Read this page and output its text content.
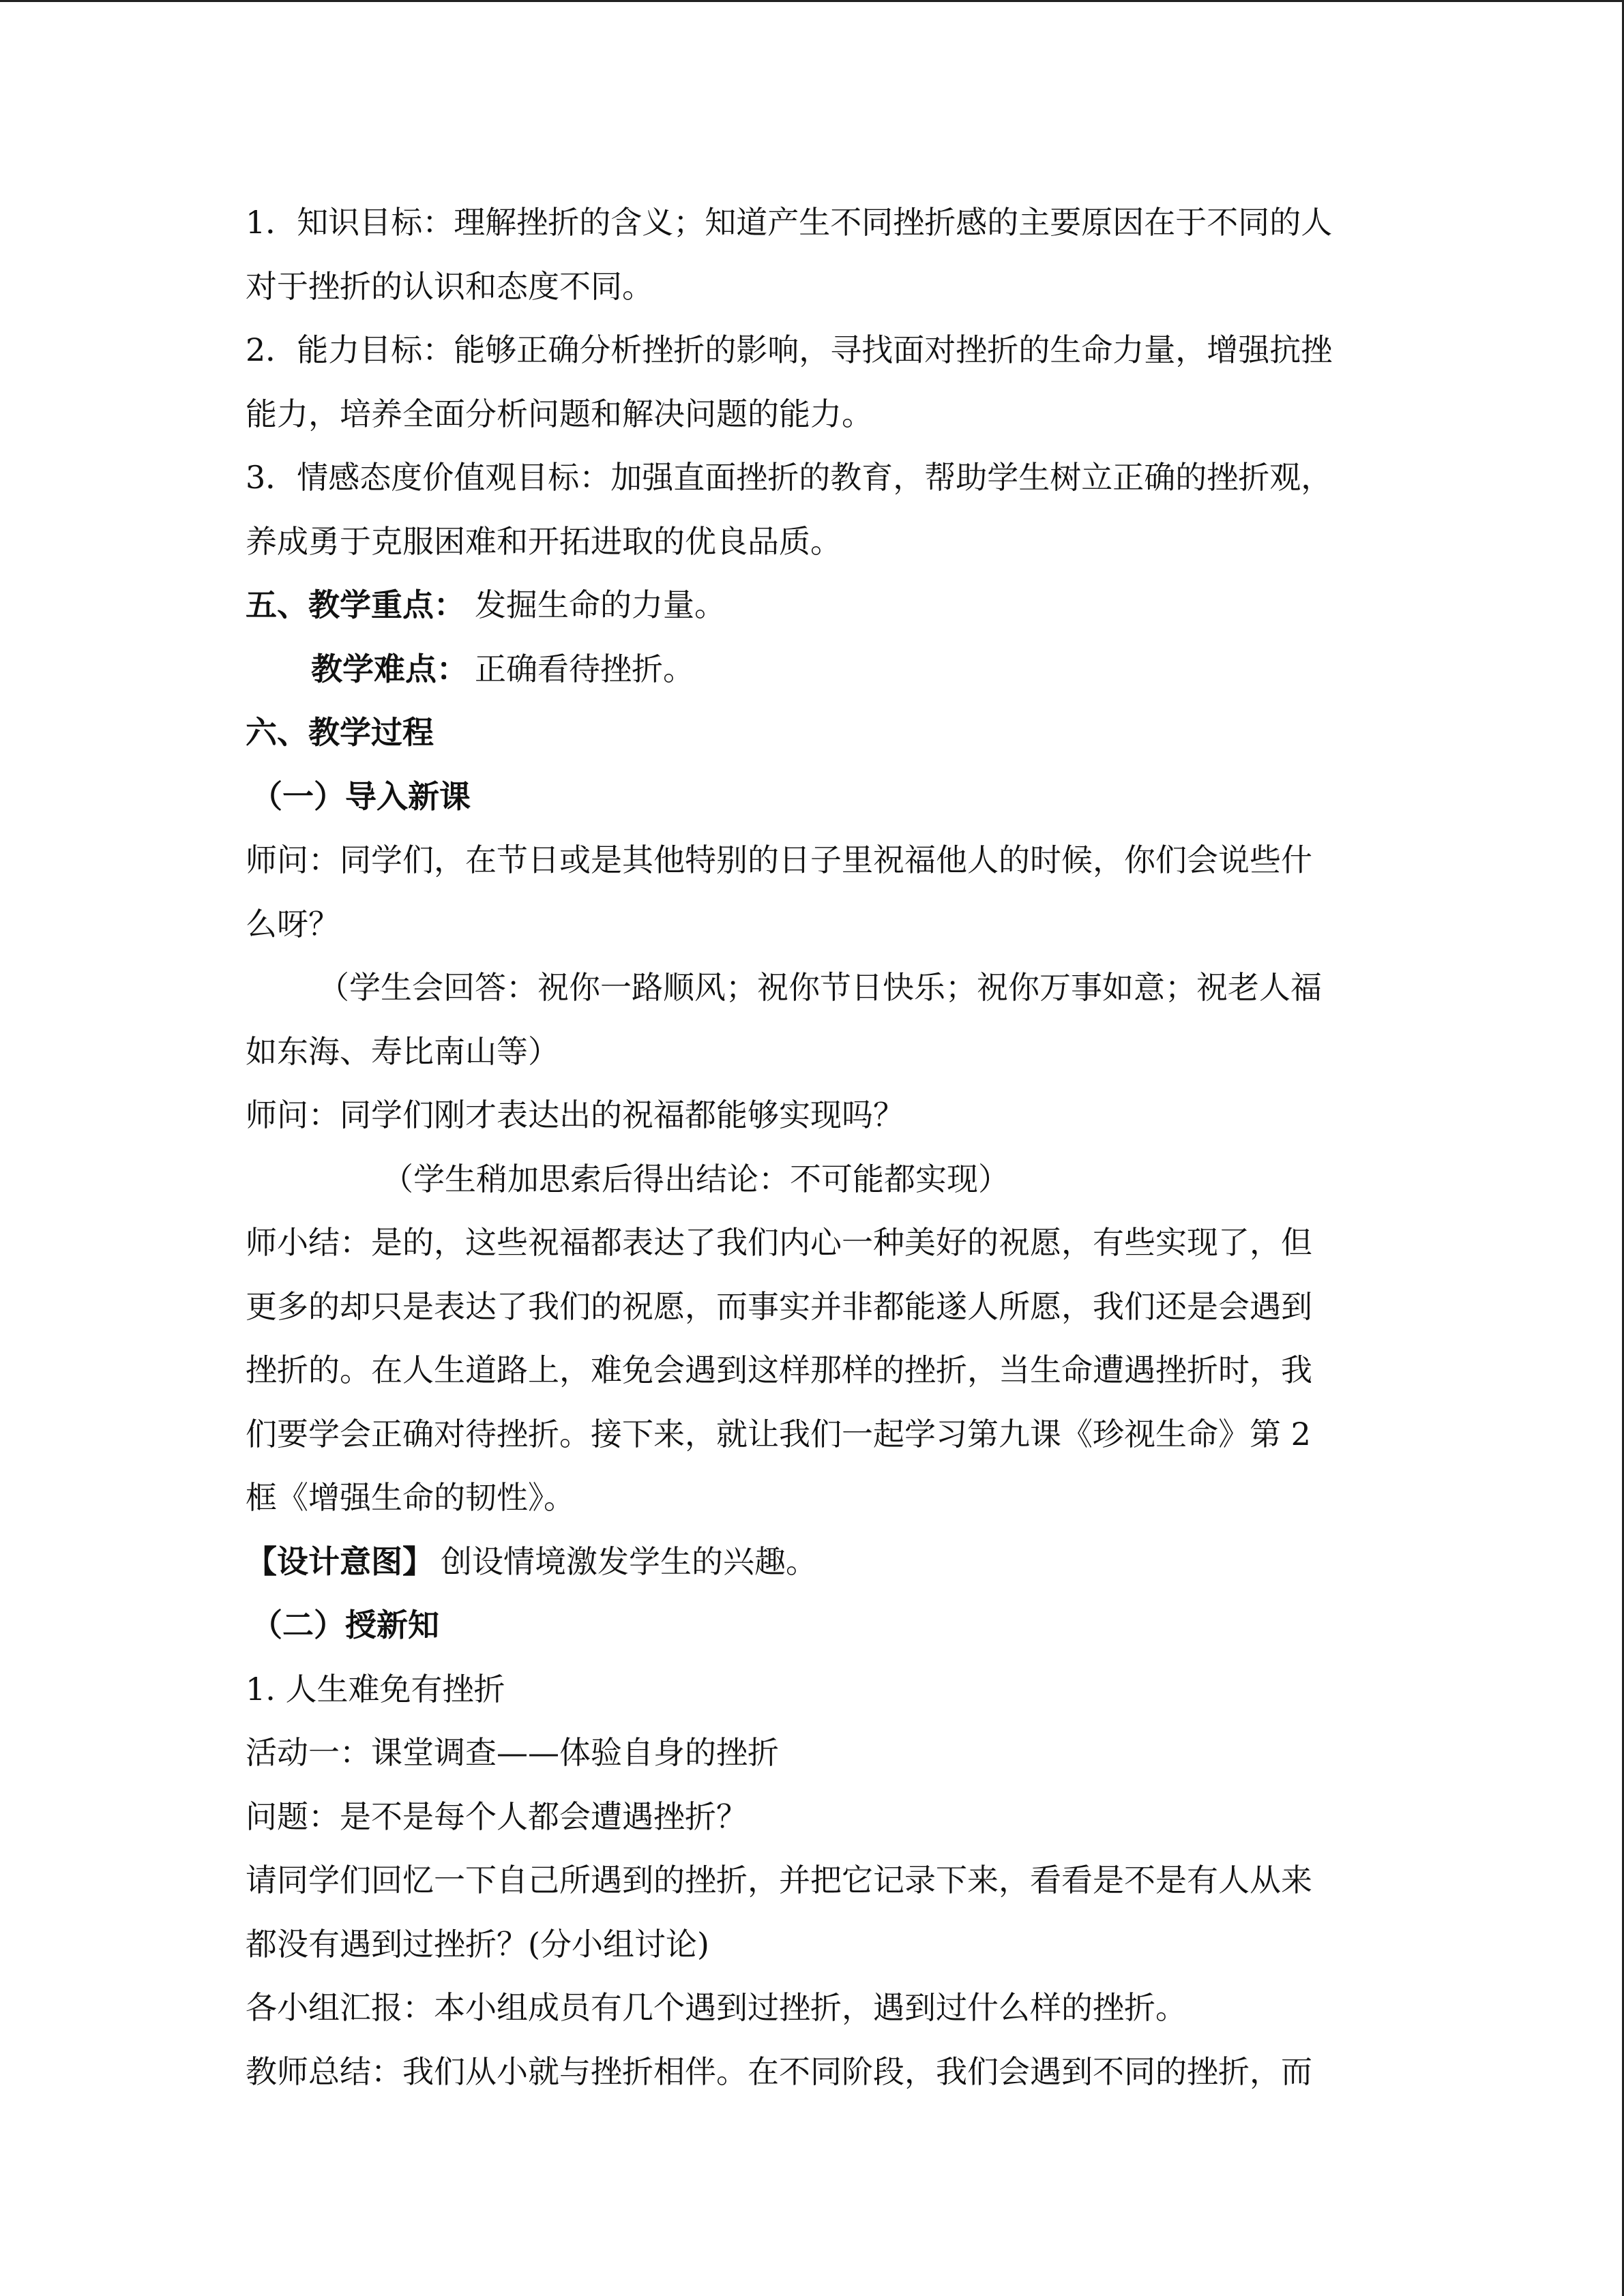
1．知识目标：理解挫折的含义；知道产生不同挫折感的主要原因在于不同的人
对于挫折的认识和态度不同。
2．能力目标：能够正确分析挫折的影响，寻找面对挫折的生命力量，增强抗挫
能力，培养全面分析问题和解决问题的能力。
3．情感态度价值观目标：加强直面挫折的教育，帮助学生树立正确的挫折观，
养成勇于克服困难和开拓进取的优良品质。
五、教学重点： 发掘生命的力量。
教学难点： 正确看待挫折。
六、教学过程
（一）导入新课
师问：同学们，在节日或是其他特别的日子里祝福他人的时候，你们会说些什
么呀？
（学生会回答：祝你一路顺风；祝你节日快乐；祝你万事如意；祝老人福
如东海、寿比南山等）
师问：同学们刚才表达出的祝福都能够实现吗？
（学生稍加思索后得出结论：不可能都实现）
师小结：是的，这些祝福都表达了我们内心一种美好的祝愿，有些实现了，但
更多的却只是表达了我们的祝愿，而事实并非都能遂人所愿，我们还是会遇到
挫折的。在人生道路上，难免会遇到这样那样的挫折，当生命遭遇挫折时，我
们要学会正确对待挫折。接下来，就让我们一起学习第九课《珍视生命》第 2
框《增强生命的韧性》。
【设计意图】 创设情境激发学生的兴趣。
（二）授新知
1. 人生难免有挫折
活动一：课堂调查——体验自身的挫折
问题：是不是每个人都会遭遇挫折？
请同学们回忆一下自己所遇到的挫折，并把它记录下来，看看是不是有人从来
都没有遇到过挫折？(分小组讨论)
各小组汇报：本小组成员有几个遇到过挫折，遇到过什么样的挫折。
教师总结：我们从小就与挫折相伴。在不同阶段，我们会遇到不同的挫折，而
